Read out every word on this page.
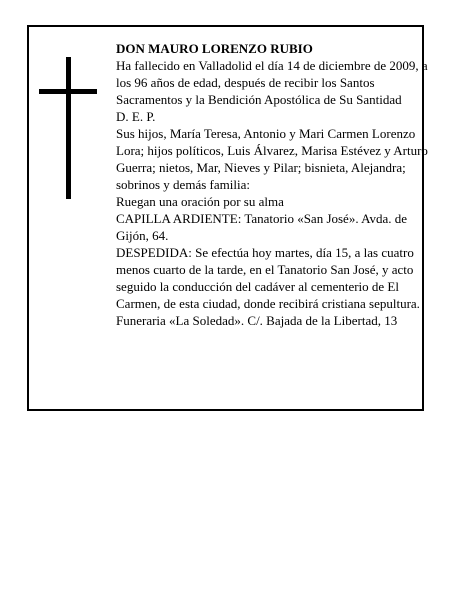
DON MAURO LORENZO RUBIO

Ha fallecido en Valladolid el día 14 de diciembre de 2009, a los 96 años de edad, después de recibir los Santos Sacramentos y la Bendición Apostólica de Su Santidad

D. E. P.

Sus hijos, María Teresa, Antonio y Mari Carmen Lorenzo Lora; hijos políticos, Luis Álvarez, Marisa Estévez y Arturo Guerra; nietos, Mar, Nieves y Pilar; bisnieta, Alejandra; sobrinos y demás familia:

Ruegan una oración por su alma

CAPILLA ARDIENTE: Tanatorio «San José». Avda. de Gijón, 64.

DESPEDIDA: Se efectúa hoy martes, día 15, a las cuatro menos cuarto de la tarde, en el Tanatorio San José, y acto seguido la conducción del cadáver al cementerio de El Carmen, de esta ciudad, donde recibirá cristiana sepultura.

Funeraria «La Soledad». C/. Bajada de la Libertad, 13
